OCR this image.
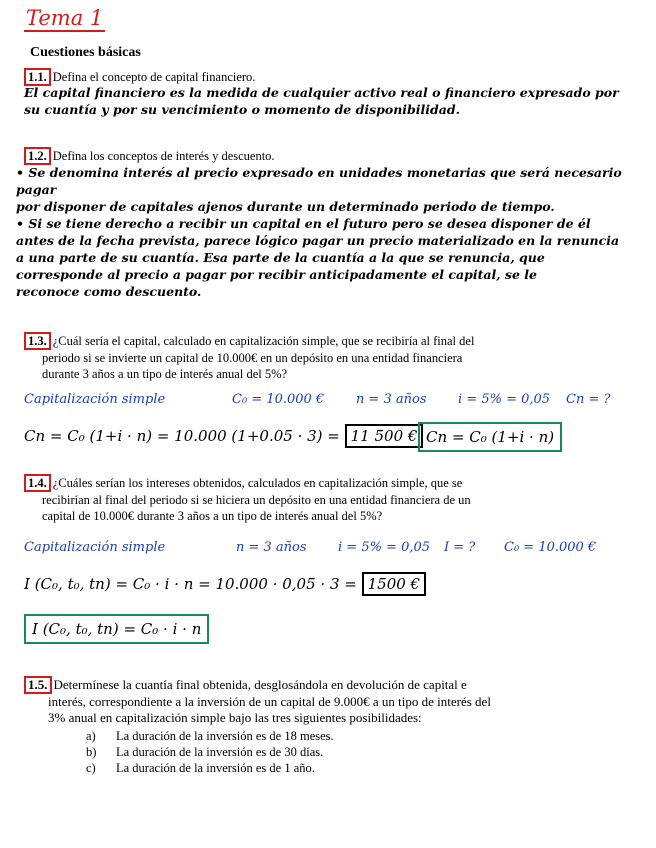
Tema 1
Cuestiones básicas
1.1. Defina el concepto de capital financiero.
El capital financiero es la medida de cualquier activo real o financiero expresado por
su cuantía y por su vencimiento o momento de disponibilidad.
1.2. Defina los conceptos de interés y descuento.
• Se denomina interés al precio expresado en unidades monetarias que será necesario pagar
por disponer de capitales ajenos durante un determinado periodo de tiempo.
• Si se tiene derecho a recibir un capital en el futuro pero se desea disponer de él
antes de la fecha prevista, parece lógico pagar un precio materializado en la renuncia
a una parte de su cuantía. Esa parte de la cuantía a la que se renuncia, que
corresponde al precio a pagar por recibir anticipadamente el capital, se le
reconoce como descuento.
1.3. ¿Cuál sería el capital, calculado en capitalización simple, que se recibiría al final del
periodo si se invierte un capital de 10.000€ en un depósito en una entidad financiera
durante 3 años a un tipo de interés anual del 5%?
Capitalización simple	C₀ = 10.000 € n = 3 años i = 5% = 0,05 Cn = ?
Cn = C₀ (1+i · n) = 10.000 (1+0.05 · 3) = 11 500 € Cn = C₀ (1+i · n)
1.4. ¿Cuáles serían los intereses obtenidos, calculados en capitalización simple, que se
recibirían al final del periodo si se hiciera un depósito en una entidad financiera de un
capital de 10.000€ durante 3 años a un tipo de interés anual del 5%?
Capitalización simple	n = 3 años i = 5% = 0,05 I = ? C₀ = 10.000 €
I (C₀, t₀, tn) = C₀ · i · n = 10.000 · 0,05 · 3 = 1500 €
I (C₀, t₀, tn) = C₀ · i · n
1.5. Determínese la cuantía final obtenida, desglosándola en devolución de capital e
interés, correspondiente a la inversión de un capital de 9.000€ a un tipo de interés del
3% anual en capitalización simple bajo las tres siguientes posibilidades:
a) La duración de la inversión es de 18 meses.
b) La duración de la inversión es de 30 días.
c) La duración de la inversión es de 1 año.
